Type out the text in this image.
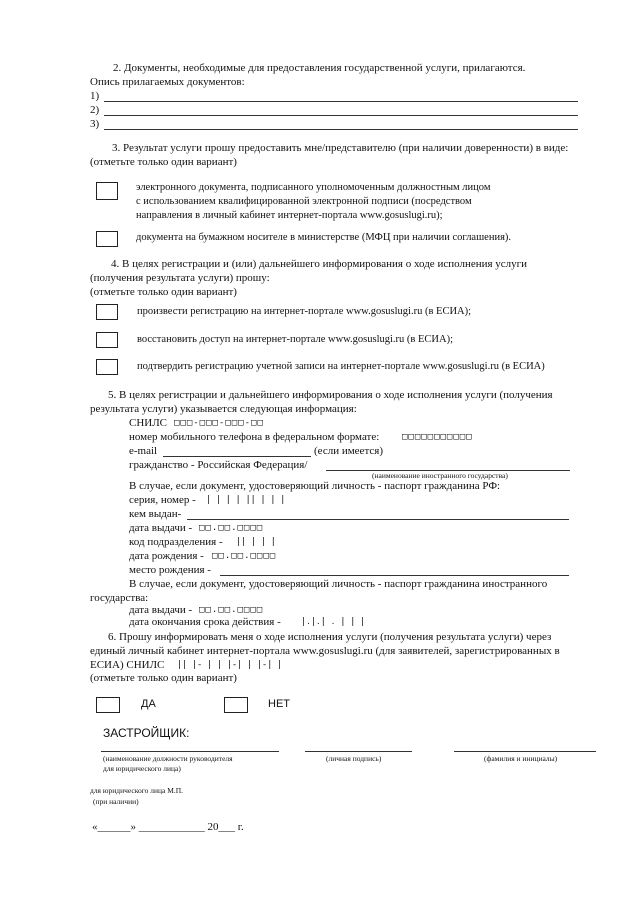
2. Документы, необходимые для предоставления государственной услуги, прилагаются.
Опись прилагаемых документов:
1)
2)
3)
3. Результат услуги прошу предоставить мне/представителю (при наличии доверенности) в виде:
(отметьте только один вариант)
электронного документа, подписанного уполномоченным должностным лицом
с использованием квалифицированной электронной подписи (посредством
направления в личный кабинет интернет-портала www.gosuslugi.ru);
документа на бумажном носителе в министерстве (МФЦ при наличии соглашения).
4. В целях регистрации и (или) дальнейшего информирования о ходе исполнения услуги
(получения результата услуги) прошу:
(отметьте только один вариант)
произвести регистрацию на интернет-портале www.gosuslugi.ru (в ЕСИА);
восстановить доступ на интернет-портале www.gosuslugi.ru (в ЕСИА);
подтвердить регистрацию учетной записи на интернет-портале www.gosuslugi.ru (в ЕСИА)
5. В целях регистрации и дальнейшего информирования о ходе исполнения услуги (получения
результата услуги) указывается следующая информация:
СНИЛС □□□-□□□-□□□-□□
номер мобильного телефона в федеральном формате:	□□□□□□□□□□□
e-mail	(если имеется)
гражданство - Российская Федерация/
(наименование иностранного государства)
В случае, если документ, удостоверяющий личность - паспорт гражданина РФ:
серия, номер - | | | | || | | |
кем выдан-
дата выдачи - □□.□□.□□□□
код подразделения - || | | |
дата рождения - □□.□□.□□□□
место рождения -
В случае, если документ, удостоверяющий личность - паспорт гражданина иностранного
государства:
дата выдачи - □□.□□.□□□□
дата окончания срока действия - |.|.| . | | |
6. Прошу информировать меня о ходе исполнения услуги (получения результата услуги) через
единый личный кабинет интернет-портала www.gosuslugi.ru (для заявителей, зарегистрированных в
ЕСИА) СНИЛС || |- | | |-| | |-| |
(отметьте только один вариант)
ДА	НЕТ
ЗАСТРОЙЩИК:
(наименование должности руководителя
для юридического лица)
(личная подпись)	(фамилия и инициалы)
для юридического лица М.П.
(при наличии)
«______» ____________ 20___ г.
